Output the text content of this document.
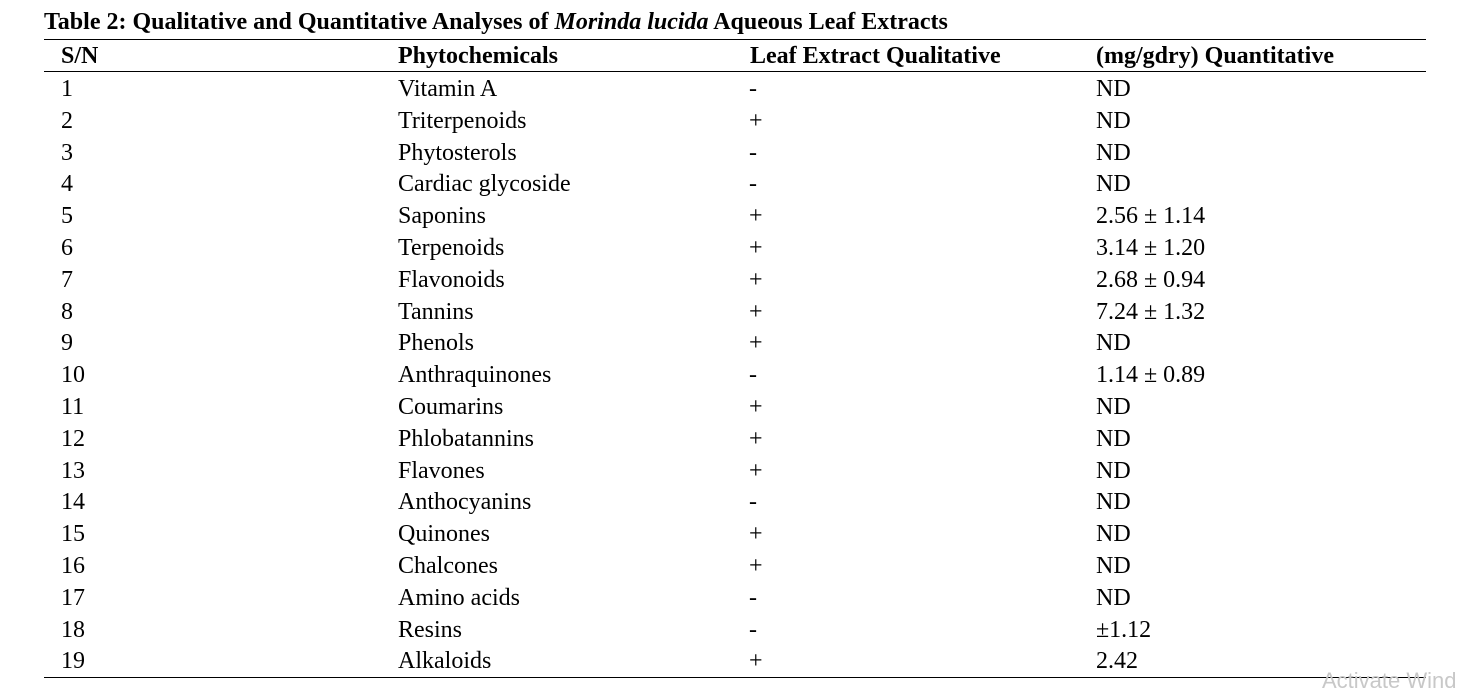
Table 2: Qualitative and Quantitative Analyses of Morinda lucida Aqueous Leaf Extracts
S/N	Phytochemicals	Leaf Extract Qualitative	(mg/gdry) Quantitative
1	Vitamin A	-	ND
2	Triterpenoids	+	ND
3	Phytosterols	-	ND
4	Cardiac glycoside	-	ND
5	Saponins	+	2.56 ± 1.14
6	Terpenoids	+	3.14 ± 1.20
7	Flavonoids	+	2.68 ± 0.94
8	Tannins	+	7.24 ± 1.32
9	Phenols	+	ND
10	Anthraquinones	-	1.14 ± 0.89
11	Coumarins	+	ND
12	Phlobatannins	+	ND
13	Flavones	+	ND
14	Anthocyanins	-	ND
15	Quinones	+	ND
16	Chalcones	+	ND
17	Amino acids	-	ND
18	Resins	-	±1.12
19	Alkaloids	+	2.42
Activate Wind
